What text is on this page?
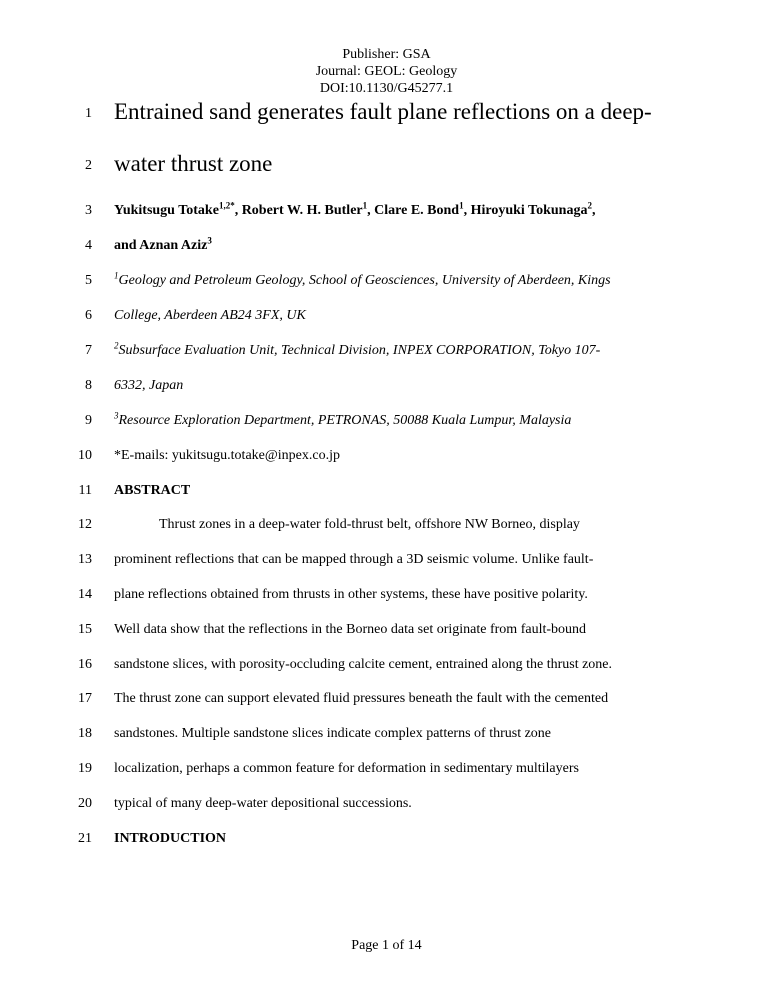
Publisher: GSA
Journal: GEOL: Geology
DOI:10.1130/G45277.1
1
2
3
4
5
6
7
8
9
10
11
12
13
14
15
16
17
18
19
20
21
Entrained sand generates fault plane reflections on a deep-
water thrust zone
Yukitsugu Totake$^{1,2*}$, Robert W. H. Butler$^1$, Clare E. Bond$^1$, Hiroyuki Tokunaga$^2$,
and Aznan Aziz$^3$
$^1$Geology and Petroleum Geology, School of Geosciences, University of Aberdeen, Kings
College, Aberdeen AB24 3FX, UK
$^2$Subsurface Evaluation Unit, Technical Division, INPEX CORPORATION, Tokyo 107-
6332, Japan
$^3$Resource Exploration Department, PETRONAS, 50088 Kuala Lumpur, Malaysia
*E-mails: yukitsugu.totake@inpex.co.jp
ABSTRACT
Thrust zones in a deep-water fold-thrust belt, offshore NW Borneo, display
prominent reflections that can be mapped through a 3D seismic volume. Unlike fault-
plane reflections obtained from thrusts in other systems, these have positive polarity.
Well data show that the reflections in the Borneo data set originate from fault-bound
sandstone slices, with porosity-occluding calcite cement, entrained along the thrust zone.
The thrust zone can support elevated fluid pressures beneath the fault with the cemented
sandstones. Multiple sandstone slices indicate complex patterns of thrust zone
localization, perhaps a common feature for deformation in sedimentary multilayers
typical of many deep-water depositional successions.
INTRODUCTION
Page 1 of 14
